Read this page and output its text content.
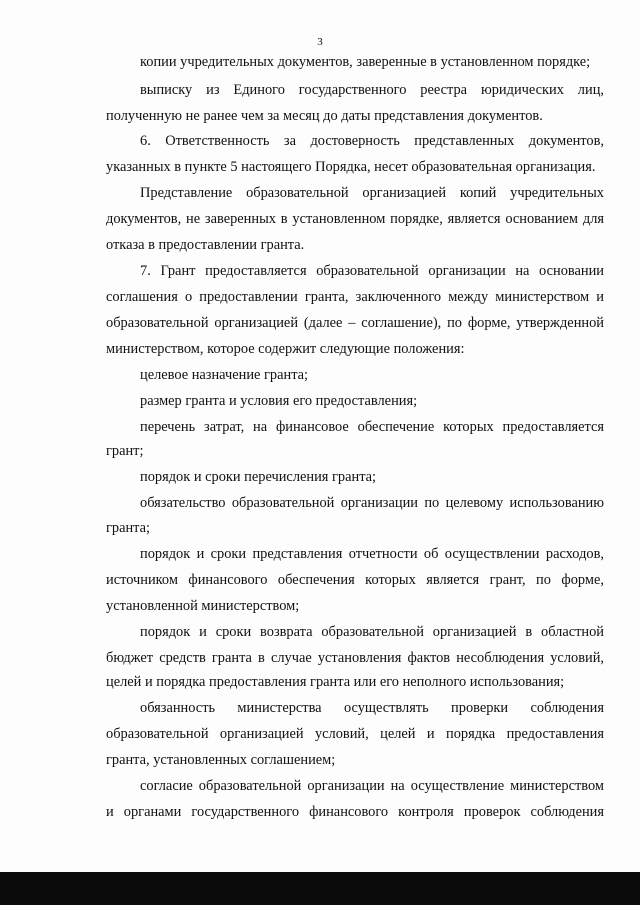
3
копии учредительных документов, заверенные в установленном порядке;
выписку из Единого государственного реестра юридических лиц,
полученную не ранее чем за месяц до даты представления документов.
6. Ответственность за достоверность представленных документов,
указанных в пункте 5 настоящего Порядка, несет образовательная организация.
Представление образовательной организацией копий учредительных
документов, не заверенных в установленном порядке, является основанием для
отказа в предоставлении гранта.
7. Грант предоставляется образовательной организации на основании
соглашения о предоставлении гранта, заключенного между министерством и
образовательной организацией (далее – соглашение), по форме, утвержденной
министерством, которое содержит следующие положения:
целевое назначение гранта;
размер гранта и условия его предоставления;
перечень затрат, на финансовое обеспечение которых предоставляется
грант;
порядок и сроки перечисления гранта;
обязательство образовательной организации по целевому использованию
гранта;
порядок и сроки представления отчетности об осуществлении расходов,
источником финансового обеспечения которых является грант, по форме,
установленной министерством;
порядок и сроки возврата образовательной организацией в областной
бюджет средств гранта в случае установления фактов несоблюдения условий,
целей и порядка предоставления гранта или его неполного использования;
обязанность министерства осуществлять проверки соблюдения
образовательной организацией условий, целей и порядка предоставления
гранта, установленных соглашением;
согласие образовательной организации на осуществление министерством
и органами государственного финансового контроля проверок соблюдения
